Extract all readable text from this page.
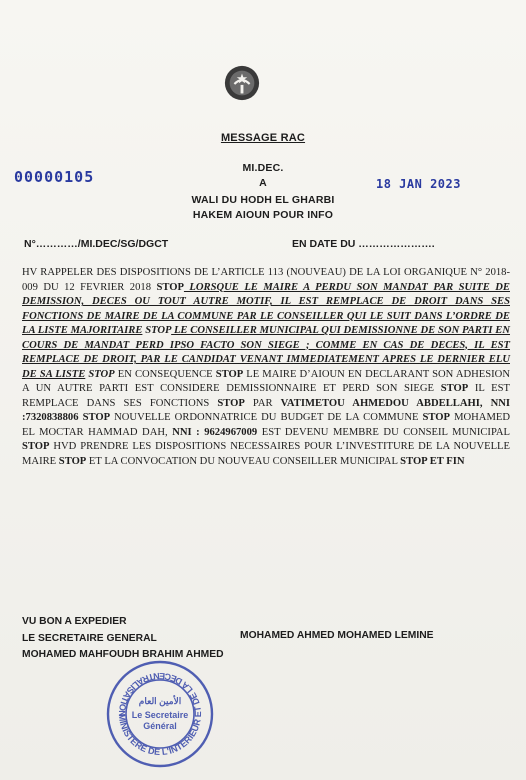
MESSAGE RAC
MI.DEC.
A
WALI DU HODH EL GHARBI
HAKEM AIOUN POUR INFO
00000105	18 JAN 2023
N°…………/MI.DEC/SG/DGCT	EN DATE DU ………………….
HV RAPPELER DES DISPOSITIONS DE L’ARTICLE 113 (NOUVEAU) DE LA LOI ORGANIQUE N° 2018-009 DU 12 FEVRIER 2018 STOP LORSQUE LE MAIRE A PERDU SON MANDAT PAR SUITE DE DEMISSION, DECES OU TOUT AUTRE MOTIF, IL EST REMPLACE DE DROIT DANS SES FONCTIONS DE MAIRE DE LA COMMUNE PAR LE CONSEILLER QUI LE SUIT DANS L’ORDRE DE LA LISTE MAJORITAIRE STOP LE CONSEILLER MUNICIPAL QUI DEMISSIONNE DE SON PARTI EN COURS DE MANDAT PERD IPSO FACTO SON SIEGE ; COMME EN CAS DE DECES, IL EST REMPLACE DE DROIT, PAR LE CANDIDAT VENANT IMMEDIATEMENT APRES LE DERNIER ELU DE SA LISTE STOP EN CONSEQUENCE STOP LE MAIRE D’AIOUN EN DECLARANT SON ADHESION A UN AUTRE PARTI EST CONSIDERE DEMISSIONNAIRE ET PERD SON SIEGE STOP IL EST REMPLACE DANS SES FONCTIONS STOP PAR VATIMETOU AHMEDOU ABDELLAHI, NNI :7320838806 STOP NOUVELLE ORDONNATRICE DU BUDGET DE LA COMMUNE STOP MOHAMED EL MOCTAR HAMMAD DAH, NNI : 9624967009 EST DEVENU MEMBRE DU CONSEIL MUNICIPAL STOP HVD PRENDRE LES DISPOSITIONS NECESSAIRES POUR L’INVESTITURE DE LA NOUVELLE MAIRE STOP ET LA CONVOCATION DU NOUVEAU CONSEILLER MUNICIPAL STOP ET FIN
VU BON A EXPEDIER
LE SECRETAIRE GENERAL	MOHAMED AHMED MOHAMED LEMINE
MOHAMED MAHFOUDH BRAHIM AHMED
MINISTERE DE L'INTERIEUR ET DE LA DECENTRALISATION
الأمين العام
Le Secretaire
Général
